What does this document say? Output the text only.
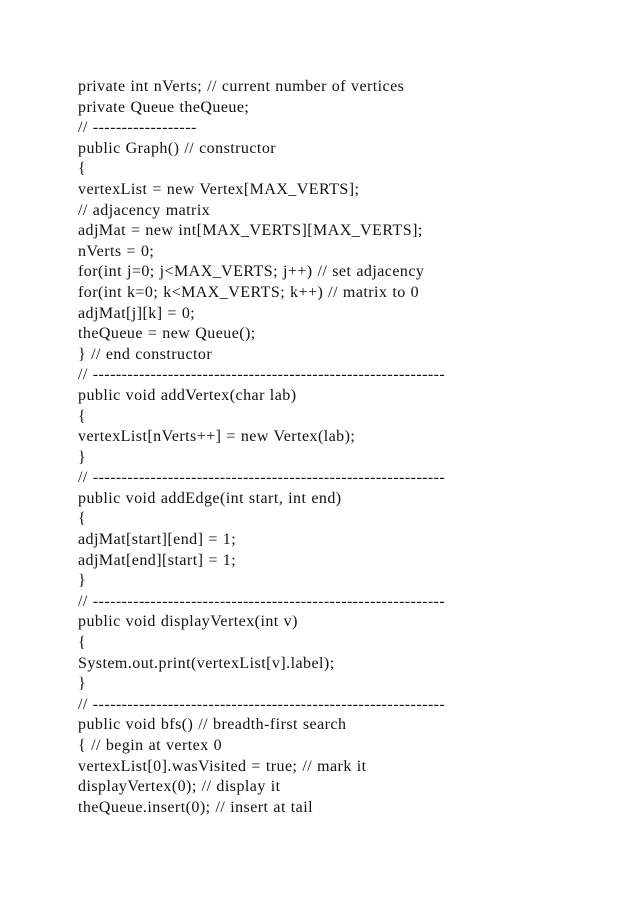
private int nVerts; // current number of vertices
private Queue theQueue;
// ------------------
public Graph() // constructor
{
vertexList = new Vertex[MAX_VERTS];
// adjacency matrix
adjMat = new int[MAX_VERTS][MAX_VERTS];
nVerts = 0;
for(int j=0; j<MAX_VERTS; j++) // set adjacency
for(int k=0; k<MAX_VERTS; k++) // matrix to 0
adjMat[j][k] = 0;
theQueue = new Queue();
} // end constructor
// -------------------------------------------------------------
public void addVertex(char lab)
{
vertexList[nVerts++] = new Vertex(lab);
}
// -------------------------------------------------------------
public void addEdge(int start, int end)
{
adjMat[start][end] = 1;
adjMat[end][start] = 1;
}
// -------------------------------------------------------------
public void displayVertex(int v)
{
System.out.print(vertexList[v].label);
}
// -------------------------------------------------------------
public void bfs() // breadth-first search
{ // begin at vertex 0
vertexList[0].wasVisited = true; // mark it
displayVertex(0); // display it
theQueue.insert(0); // insert at tail
